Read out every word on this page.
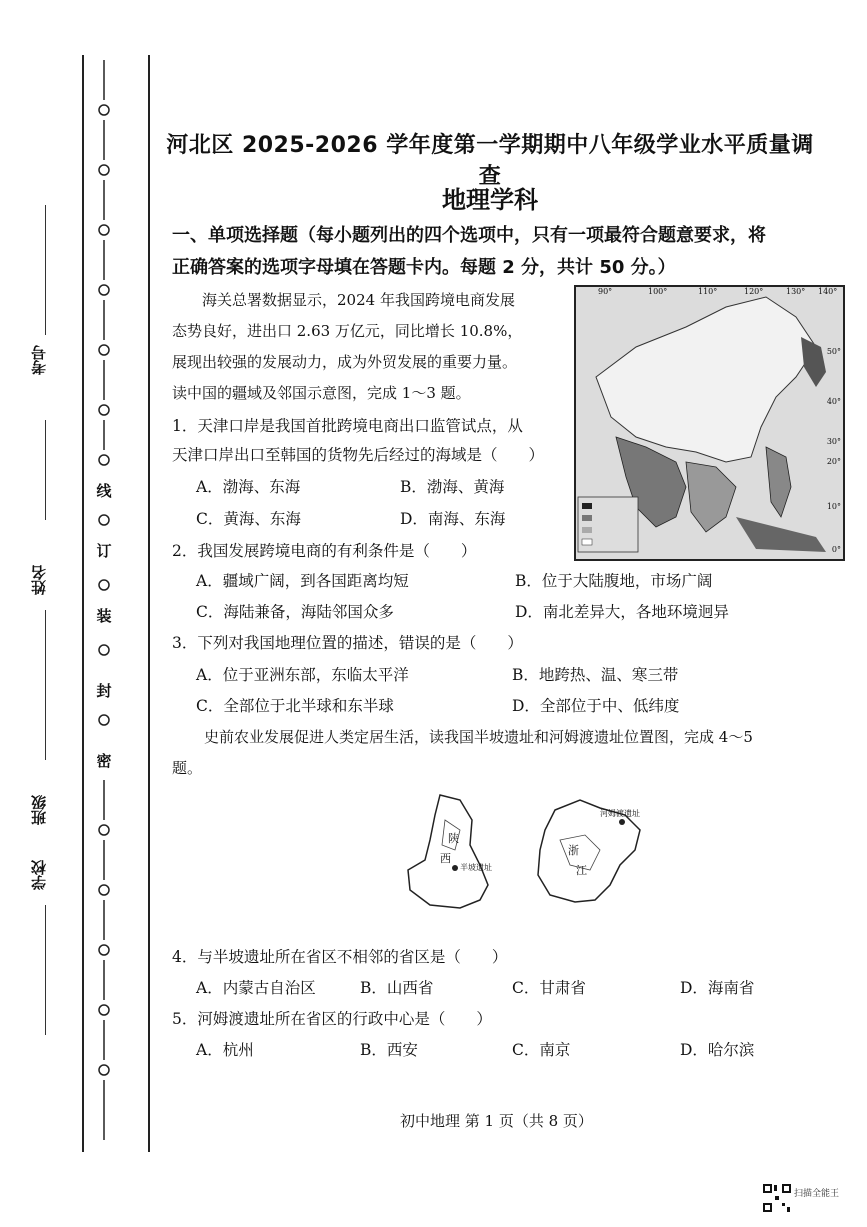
考号
姓名
班级
学校
线
订
装
封
密
河北区 2025-2026 学年度第一学期期中八年级学业水平质量调查
地理学科
一、单项选择题（每小题列出的四个选项中，只有一项最符合题意要求，将
正确答案的选项字母填在答题卡内。每题 2 分，共计 50 分。）
海关总署数据显示，2024 年我国跨境电商发展
态势良好，进出口 2.63 万亿元，同比增长 10.8%，
展现出较强的发展动力，成为外贸发展的重要力量。
读中国的疆域及邻国示意图，完成 1～3 题。
90°	100°	110°	120°	130° 140°
50°
40°
30°
20°
10°
0°
1．天津口岸是我国首批跨境电商出口监管试点，从
天津口岸出口至韩国的货物先后经过的海域是（　　）
A．渤海、东海	B．渤海、黄海
C．黄海、东海	D．南海、东海
2．我国发展跨境电商的有利条件是（　　）
A．疆域广阔，到各国距离均短	B．位于大陆腹地，市场广阔
C．海陆兼备，海陆邻国众多	D．南北差异大，各地环境迥异
3．下列对我国地理位置的描述，错误的是（　　）
A．位于亚洲东部，东临太平洋	B．地跨热、温、寒三带
C．全部位于北半球和东半球	D．全部位于中、低纬度
史前农业发展促进人类定居生活，读我国半坡遗址和河姆渡遗址位置图，完成 4～5
题。
陕
西
半坡遗址
河姆渡遗址
浙
江
4．与半坡遗址所在省区不相邻的省区是（　　）
A．内蒙古自治区	B．山西省	C．甘肃省	D．海南省
5．河姆渡遗址所在省区的行政中心是（　　）
A．杭州	B．西安	C．南京	D．哈尔滨
初中地理 第 1 页（共 8 页）
扫描全能王
